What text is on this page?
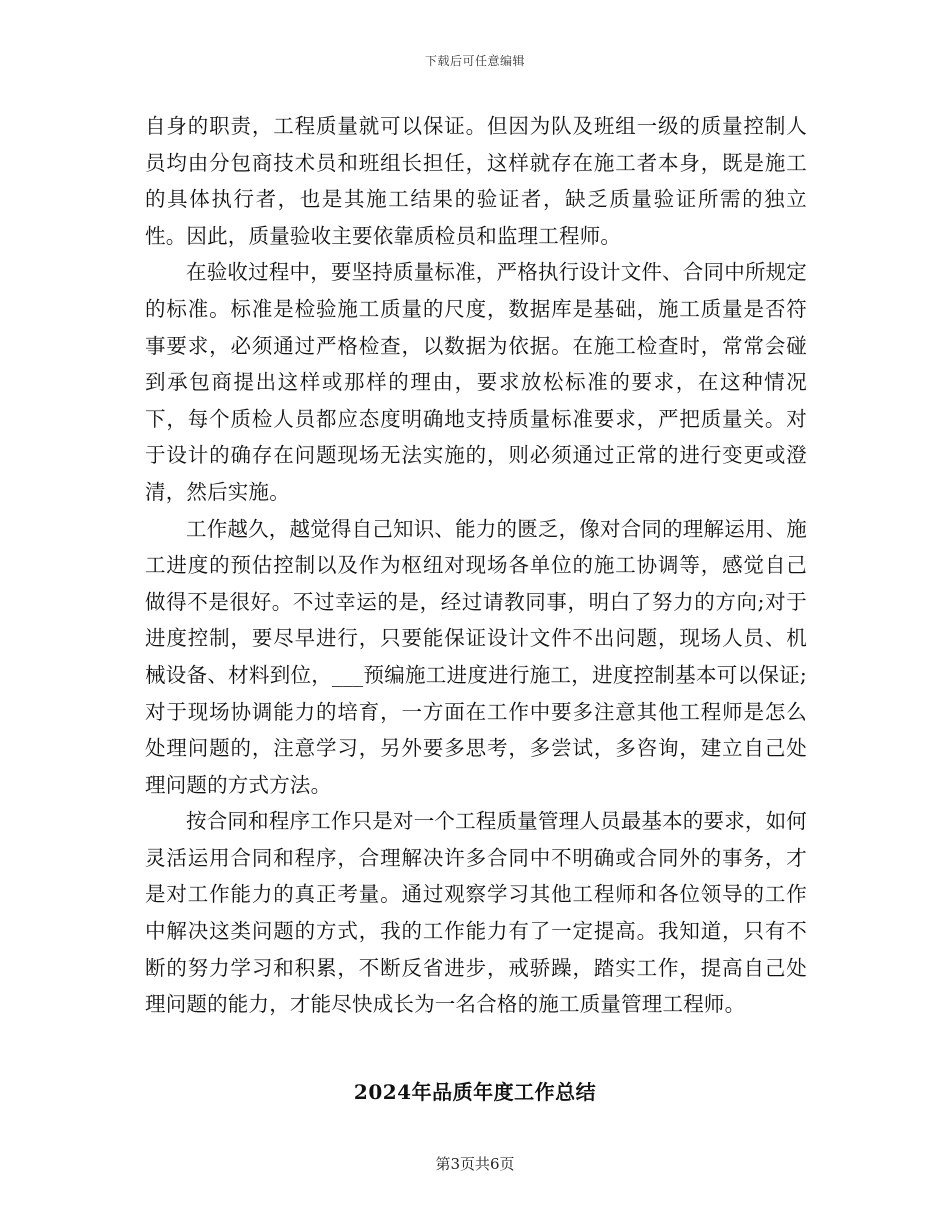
下载后可任意编辑

自身的职责，工程质量就可以保证。但因为队及班组一级的质量控制人员均由分包商技术员和班组长担任，这样就存在施工者本身，既是施工的具体执行者，也是其施工结果的验证者，缺乏质量验证所需的独立性。因此，质量验收主要依靠质检员和监理工程师。

在验收过程中，要坚持质量标准，严格执行设计文件、合同中所规定的标准。标准是检验施工质量的尺度，数据库是基础，施工质量是否符事要求，必须通过严格检查，以数据为依据。在施工检查时，常常会碰到承包商提出这样或那样的理由，要求放松标准的要求，在这种情况下，每个质检人员都应态度明确地支持质量标准要求，严把质量关。对于设计的确存在问题现场无法实施的，则必须通过正常的进行变更或澄清，然后实施。

工作越久，越觉得自己知识、能力的匮乏，像对合同的理解运用、施工进度的预估控制以及作为枢纽对现场各单位的施工协调等，感觉自己做得不是很好。不过幸运的是，经过请教同事，明白了努力的方向;对于进度控制，要尽早进行，只要能保证设计文件不出问题，现场人员、机械设备、材料到位，___预编施工进度进行施工，进度控制基本可以保证;对于现场协调能力的培育，一方面在工作中要多注意其他工程师是怎么处理问题的，注意学习，另外要多思考，多尝试，多咨询，建立自己处理问题的方式方法。

按合同和程序工作只是对一个工程质量管理人员最基本的要求，如何灵活运用合同和程序，合理解决许多合同中不明确或合同外的事务，才是对工作能力的真正考量。通过观察学习其他工程师和各位领导的工作中解决这类问题的方式，我的工作能力有了一定提高。我知道，只有不断的努力学习和积累，不断反省进步，戒骄躁，踏实工作，提高自己处理问题的能力，才能尽快成长为一名合格的施工质量管理工程师。

2024年品质年度工作总结
第3页共6页
